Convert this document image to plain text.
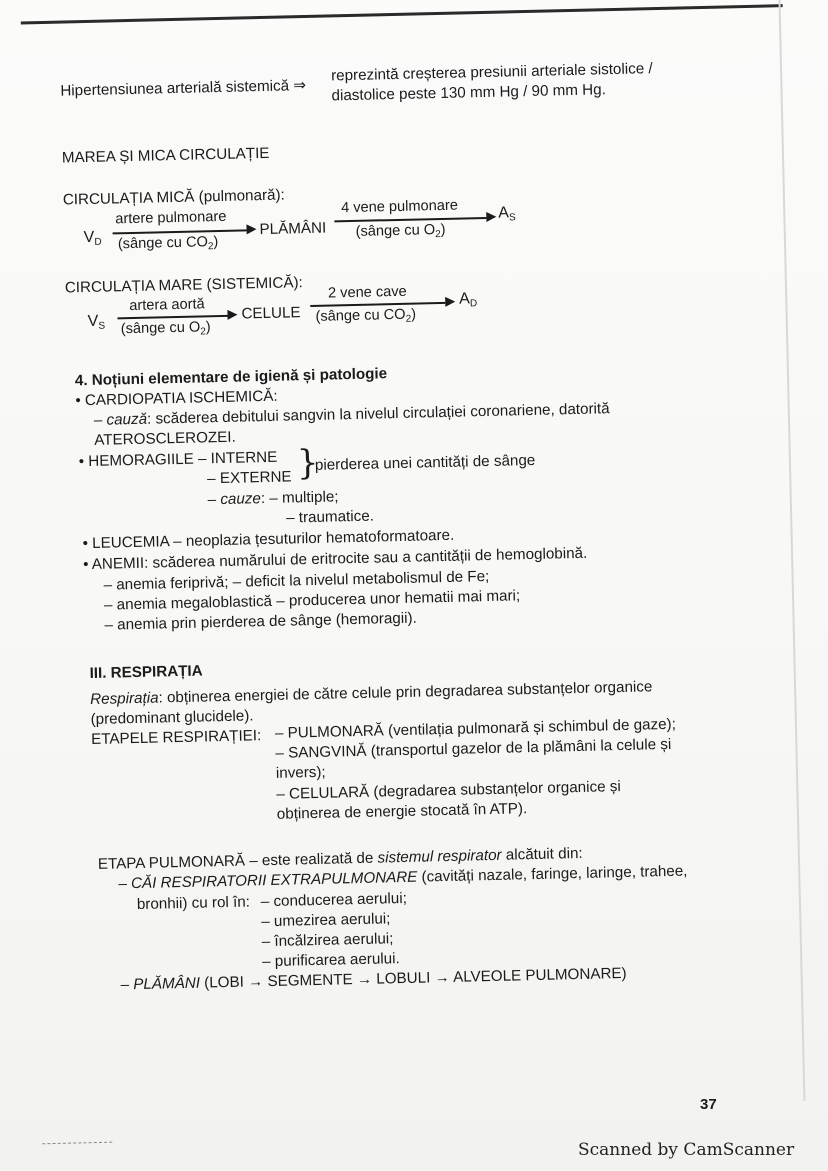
Hipertensiunea arterială sistemică ⇒
reprezintă creșterea presiunii arteriale sistolice /
diastolice peste 130 mm Hg / 90 mm Hg.
MAREA ȘI MICA CIRCULAȚIE
CIRCULAȚIA MICĂ (pulmonară):
$V_D$
artere pulmonare
(sânge cu $CO_2$)
PLĂMÂNI
4 vene pulmonare
(sânge cu $O_2$)
$A_S$
CIRCULAȚIA MARE (SISTEMICĂ):
$V_S$
artera aortă
(sânge cu $O_2$)
CELULE
2 vene cave
(sânge cu $CO_2$)
$A_D$
4. Noțiuni elementare de igienă și patologie
• CARDIOPATIA ISCHEMICĂ:
– cauză: scăderea debitului sangvin la nivelul circulației coronariene, datorită
ATEROSCLEROZEI.
• HEMORAGIILE – INTERNE
– EXTERNE }
pierderea unei cantități de sânge
– cauze: – multiple;
– traumatice.
• LEUCEMIA – neoplazia țesuturilor hematoformatoare.
• ANEMII: scăderea numărului de eritrocite sau a cantității de hemoglobină.
– anemia feriprivă; – deficit la nivelul metabolismul de Fe;
– anemia megaloblastică – producerea unor hematii mai mari;
– anemia prin pierderea de sânge (hemoragii).
III. RESPIRAȚIA
Respirația: obținerea energiei de către celule prin degradarea substanțelor organice
(predominant glucidele).
ETAPELE RESPIRAȚIEI: – PULMONARĂ (ventilația pulmonară și schimbul de gaze);
– SANGVINĂ (transportul gazelor de la plămâni la celule și
invers);
– CELULARĂ (degradarea substanțelor organice și
obținerea de energie stocată în ATP).
ETAPA PULMONARĂ – este realizată de sistemul respirator alcătuit din:
– CĂI RESPIRATORII EXTRAPULMONARE (cavități nazale, faringe, laringe, trahee,
bronhii) cu rol în: – conducerea aerului;
– umezirea aerului;
– încălzirea aerului;
– purificarea aerului.
– PLĂMÂNI (LOBI → SEGMENTE → LOBULI → ALVEOLE PULMONARE)
37
Scanned by CamScanner
